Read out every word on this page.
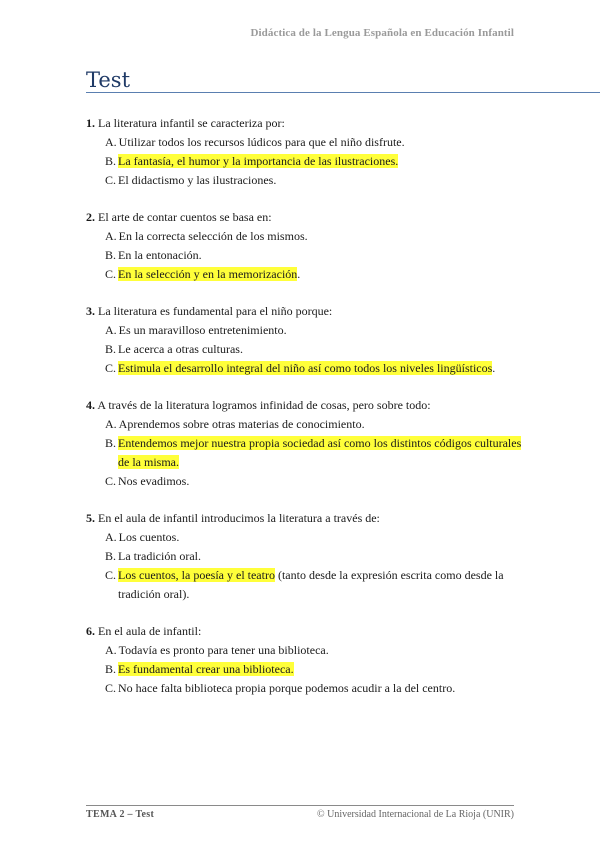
Didáctica de la Lengua Española en Educación Infantil
Test
1. La literatura infantil se caracteriza por:
A. Utilizar todos los recursos lúdicos para que el niño disfrute.
B. La fantasía, el humor y la importancia de las ilustraciones.
C. El didactismo y las ilustraciones.
2. El arte de contar cuentos se basa en:
A. En la correcta selección de los mismos.
B. En la entonación.
C. En la selección y en la memorización.
3. La literatura es fundamental para el niño porque:
A. Es un maravilloso entretenimiento.
B. Le acerca a otras culturas.
C. Estimula el desarrollo integral del niño así como todos los niveles lingüísticos.
4. A través de la literatura logramos infinidad de cosas, pero sobre todo:
A. Aprendemos sobre otras materias de conocimiento.
B. Entendemos mejor nuestra propia sociedad así como los distintos códigos culturales de la misma.
C. Nos evadimos.
5. En el aula de infantil introducimos la literatura a través de:
A. Los cuentos.
B. La tradición oral.
C. Los cuentos, la poesía y el teatro (tanto desde la expresión escrita como desde la tradición oral).
6. En el aula de infantil:
A. Todavía es pronto para tener una biblioteca.
B. Es fundamental crear una biblioteca.
C. No hace falta biblioteca propia porque podemos acudir a la del centro.
TEMA 2 – Test	© Universidad Internacional de La Rioja (UNIR)
